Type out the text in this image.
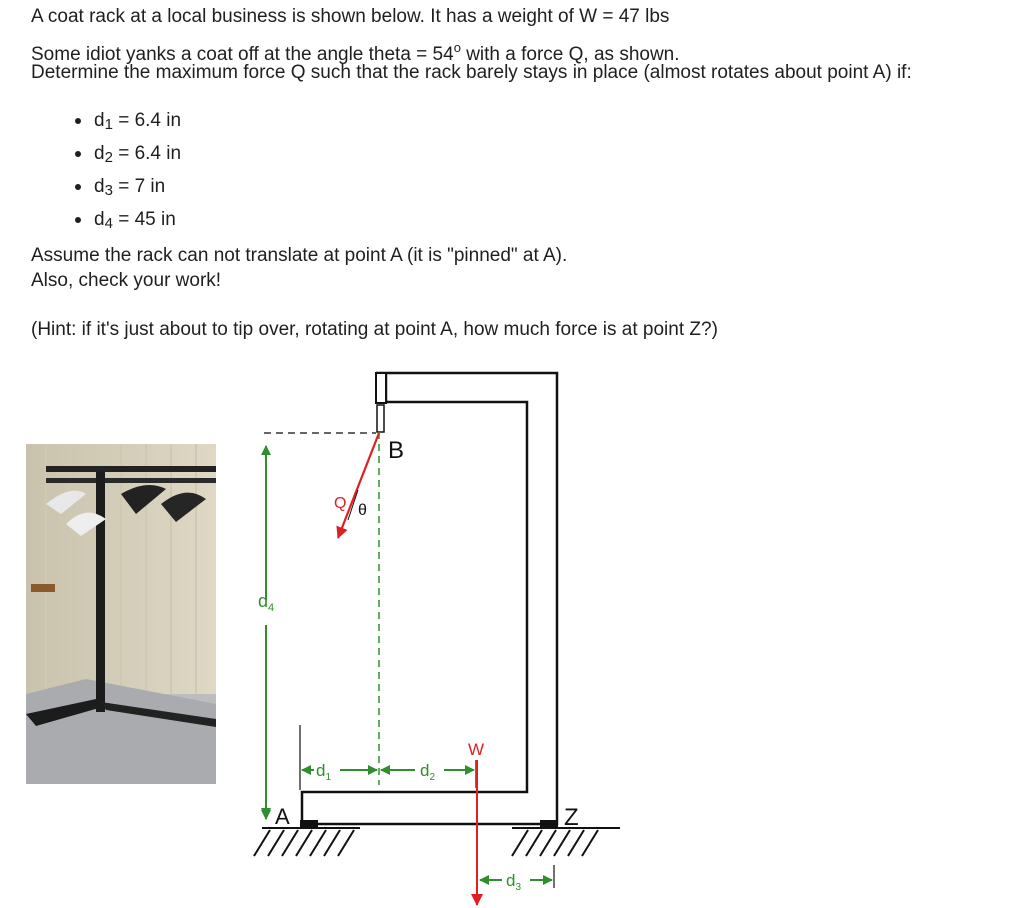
A coat rack at a local business is shown below. It has a weight of W = 47 lbs
Some idiot yanks a coat off at the angle theta = $54^o$ with a force Q, as shown.
Determine the maximum force Q such that the rack barely stays in place (almost rotates about point A) if:
$d_1 = 6.4$ in
$d_2 = 6.4$ in
$d_3 = 7$ in
$d_4 = 45$ in
Assume the rack can not translate at point A (it is "pinned" at A).
Also, check your work!
(Hint: if it's just about to tip over, rotating at point A, how much force is at point Z?)
$d_4$
$d_1$	$d_2$
W
$d_3$
Q θ
B
A	Z
